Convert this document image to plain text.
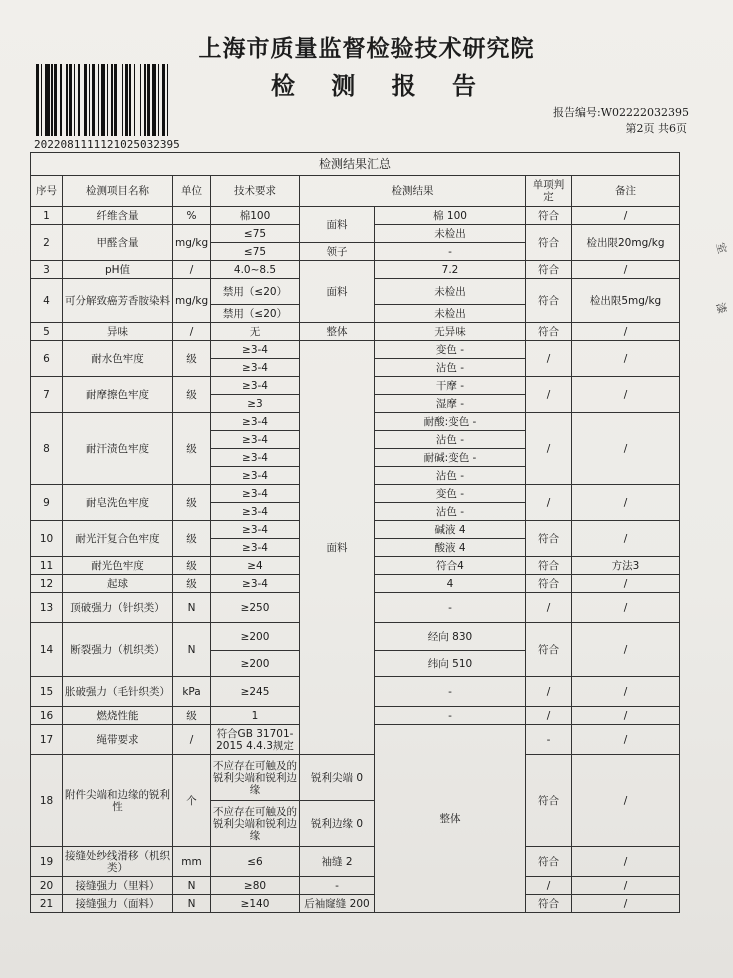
上海市质量监督检验技术研究院
检 测 报 告
20220811111210250323​95
报告编号:W02222032395
第2页 共6页
检测结果汇总								
序号	检测项目名称	单位	技术要求	检测结果		单项判定	备注	
1	纤维含量	%	棉100	面料	棉 100	符合	/	
2	甲醛含量	mg/kg	≤75		未检出	符合	检出限20mg/kg	
			≤75	领子	-			
3	pH值	/	4.0~8.5	面料	7.2	符合	/	
4	可分解致癌芳香胺染料	mg/kg	禁用（≤20）		未检出	符合	检出限5mg/kg	
			禁用（≤20）		未检出			
5	异味	/	无	整体	无异味	符合	/	
6	耐水色牢度	级	≥3-4	面料	变色 -	/	/	
			≥3-4		沾色 -			
7	耐摩擦色牢度	级	≥3-4		干摩 -	/	/	
			≥3		湿摩 -			
8	耐汗渍色牢度	级	≥3-4		耐酸:变色 -	/	/	
			≥3-4		沾色 -			
			≥3-4		耐碱:变色 -			
			≥3-4		沾色 -			
9	耐皂洗色牢度	级	≥3-4		变色 -	/	/	
			≥3-4		沾色 -			
10	耐光汗复合色牢度	级	≥3-4		碱液 4	符合	/	
			≥3-4		酸液 4			
11	耐光色牢度	级	≥4		符合4	符合	方法3	
12	起球	级	≥3-4		4	符合	/	
13	顶破强力（针织类）	N	≥250		-	/	/	
14	断裂强力（机织类）	N	≥200		经向 830	符合	/	
			≥200		纬向 510			
15	胀破强力（毛针织类）	kPa	≥245		-	/	/	
16	燃烧性能	级	1		-	/	/	
17	绳带要求	/	符合GB 31701-2015 4.4.3规定		整体	-	/	
18	附件尖端和边缘的锐利性	个	不应存在可触及的锐利尖端和锐利边缘	锐利尖端 0		符合	/	
			不应存在可触及的锐利尖端和锐利边缘	锐利边缘 0				
19	接缝处纱线滑移（机织类）	mm	≤6	袖缝 2		符合	/	
20	接缝强力（里料）	N	≥80	-		/	/	
21	接缝强力（面料）	N	≥140	后袖窿缝 200		符合	/	
室
漆
